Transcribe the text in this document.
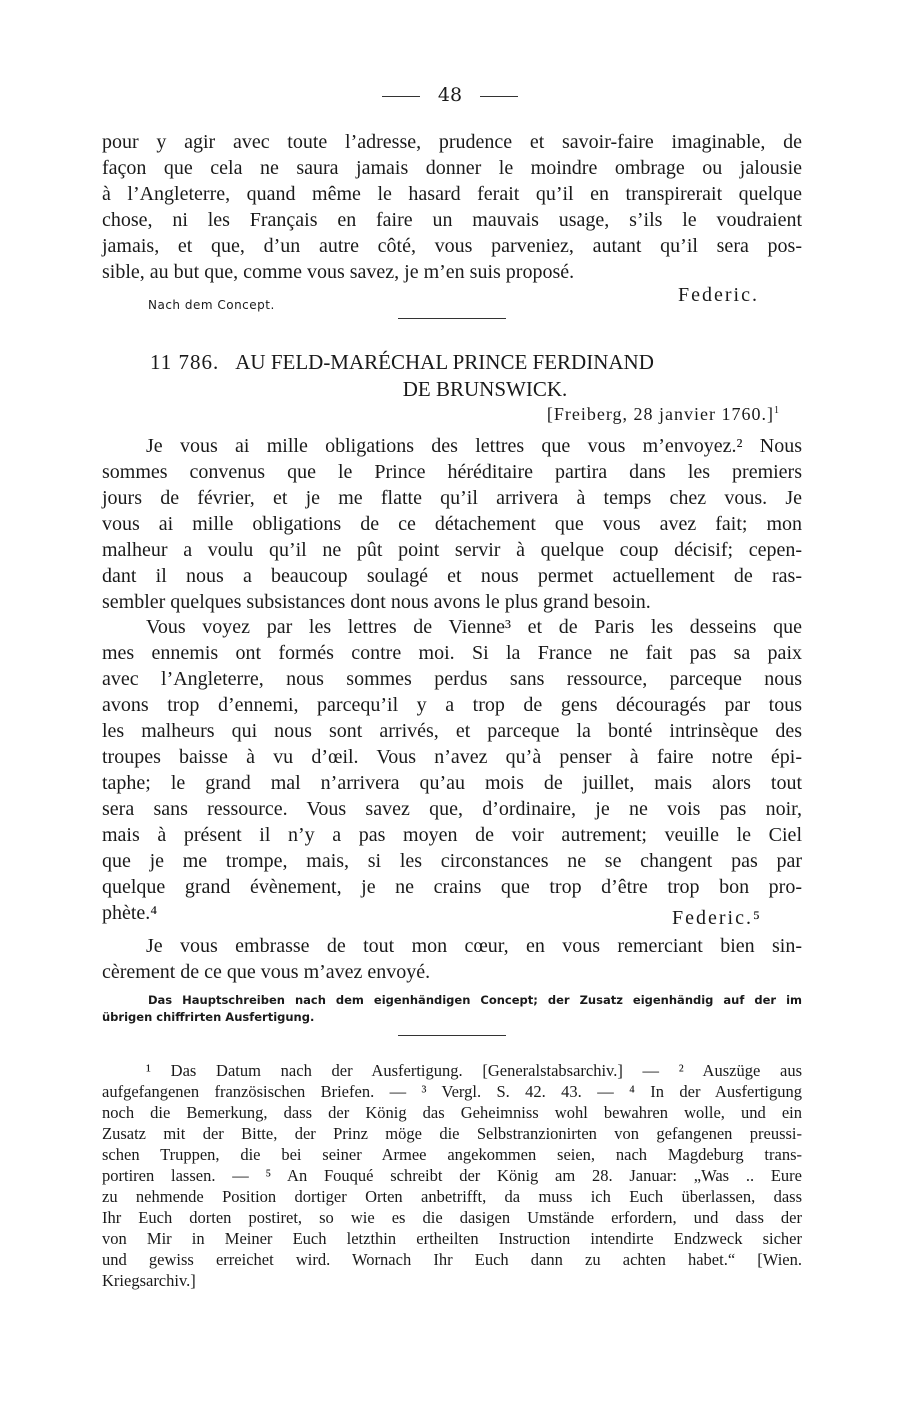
48
pour y agir avec toute l’adresse, prudence et savoir-faire imaginable, de
façon que cela ne saura jamais donner le moindre ombrage ou jalousie
à l’Angleterre, quand même le hasard ferait qu’il en transpirerait quelque
chose, ni les Français en faire un mauvais usage, s’ils le voudraient
jamais, et que, d’un autre côté, vous parveniez, autant qu’il sera pos-
sible, au but que, comme vous savez, je m’en suis proposé.
Nach dem Concept.	Federic.
11 786. AU FELD-MARÉCHAL PRINCE FERDINAND
DE BRUNSWICK.
[Freiberg, 28 janvier 1760.]$^1$
Je vous ai mille obligations des lettres que vous m’envoyez.² Nous
sommes convenus que le Prince héréditaire partira dans les premiers
jours de février, et je me flatte qu’il arrivera à temps chez vous. Je
vous ai mille obligations de ce détachement que vous avez fait; mon
malheur a voulu qu’il ne pût point servir à quelque coup décisif; cepen-
dant il nous a beaucoup soulagé et nous permet actuellement de ras-
sembler quelques subsistances dont nous avons le plus grand besoin.
Vous voyez par les lettres de Vienne³ et de Paris les desseins que
mes ennemis ont formés contre moi. Si la France ne fait pas sa paix
avec l’Angleterre, nous sommes perdus sans ressource, parceque nous
avons trop d’ennemi, parcequ’il y a trop de gens découragés par tous
les malheurs qui nous sont arrivés, et parceque la bonté intrinsèque des
troupes baisse à vu d’œil. Vous n’avez qu’à penser à faire notre épi-
taphe; le grand mal n’arrivera qu’au mois de juillet, mais alors tout
sera sans ressource. Vous savez que, d’ordinaire, je ne vois pas noir,
mais à présent il n’y a pas moyen de voir autrement; veuille le Ciel
que je me trompe, mais, si les circonstances ne se changent pas par
quelque grand évènement, je ne crains que trop d’être trop bon pro-
phète.⁴	Federic.⁵
Je vous embrasse de tout mon cœur, en vous remerciant bien sin-
cèrement de ce que vous m’avez envoyé.
Das Hauptschreiben nach dem eigenhändigen Concept; der Zusatz eigenhändig auf der im
übrigen chiffrirten Ausfertigung.
¹ Das Datum nach der Ausfertigung. [Generalstabsarchiv.] — ² Auszüge aus
aufgefangenen französischen Briefen. — ³ Vergl. S. 42. 43. — ⁴ In der Ausfertigung
noch die Bemerkung, dass der König das Geheimniss wohl bewahren wolle, und ein
Zusatz mit der Bitte, der Prinz möge die Selbstranzionirten von gefangenen preussi-
schen Truppen, die bei seiner Armee angekommen seien, nach Magdeburg trans-
portiren lassen. — ⁵ An Fouqué schreibt der König am 28. Januar: „Was .. Eure
zu nehmende Position dortiger Orten anbetrifft, da muss ich Euch überlassen, dass
Ihr Euch dorten postiret, so wie es die dasigen Umstände erfordern, und dass der
von Mir in Meiner Euch letzthin ertheilten Instruction intendirte Endzweck sicher
und gewiss erreichet wird. Wornach Ihr Euch dann zu achten habet.“ [Wien.
Kriegsarchiv.]
